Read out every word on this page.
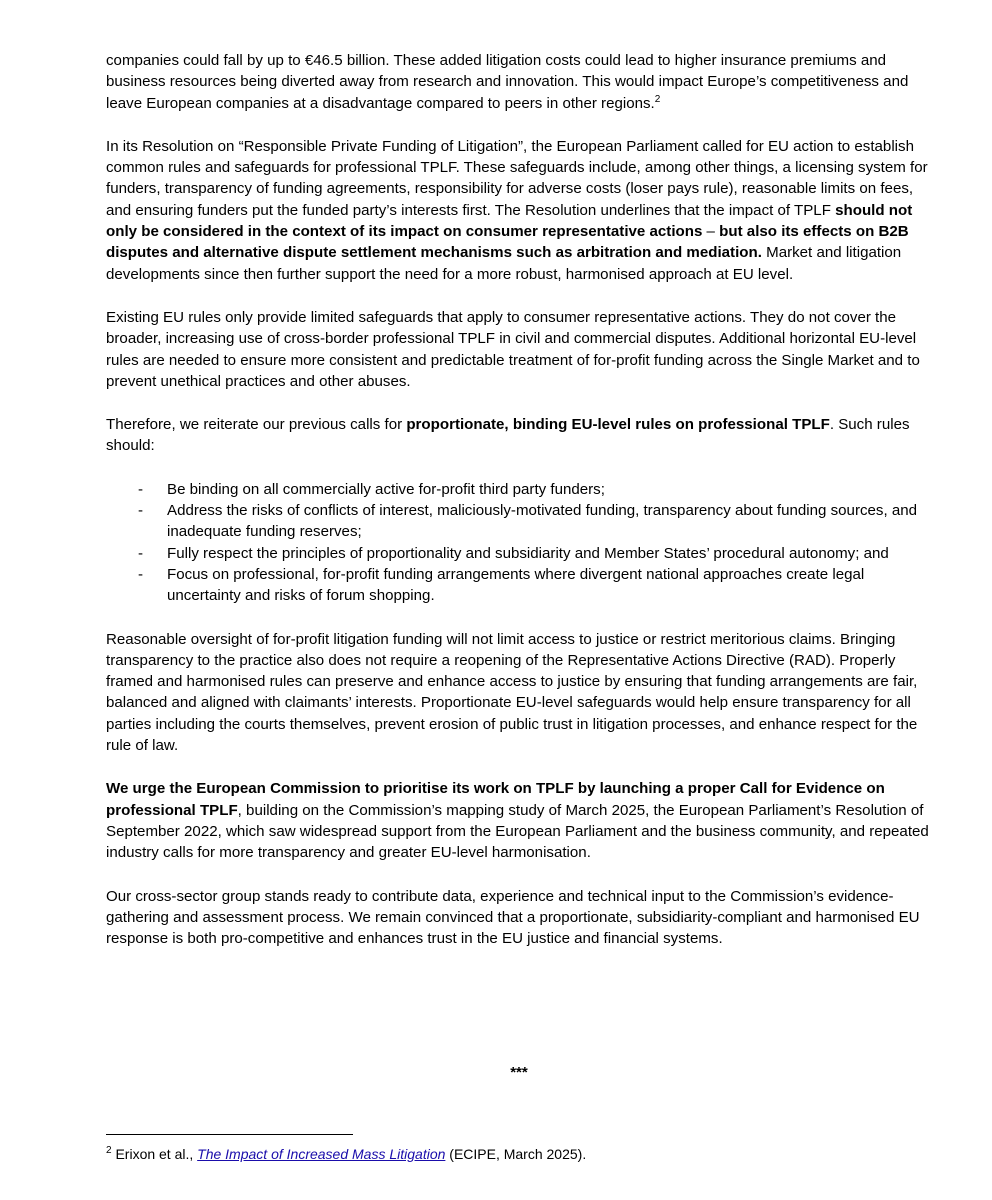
companies could fall by up to €46.5 billion. These added litigation costs could lead to higher insurance premiums and business resources being diverted away from research and innovation. This would impact Europe’s competitiveness and leave European companies at a disadvantage compared to peers in other regions.$^2$

In its Resolution on “Responsible Private Funding of Litigation”, the European Parliament called for EU action to establish common rules and safeguards for professional TPLF. These safeguards include, among other things, a licensing system for funders, transparency of funding agreements, responsibility for adverse costs (loser pays rule), reasonable limits on fees, and ensuring funders put the funded party’s interests first. The Resolution underlines that the impact of TPLF should not only be considered in the context of its impact on consumer representative actions – but also its effects on B2B disputes and alternative dispute settlement mechanisms such as arbitration and mediation. Market and litigation developments since then further support the need for a more robust, harmonised approach at EU level.

Existing EU rules only provide limited safeguards that apply to consumer representative actions. They do not cover the broader, increasing use of cross-border professional TPLF in civil and commercial disputes. Additional horizontal EU-level rules are needed to ensure more consistent and predictable treatment of for-profit funding across the Single Market and to prevent unethical practices and other abuses.

Therefore, we reiterate our previous calls for proportionate, binding EU-level rules on professional TPLF. Such rules should:

- Be binding on all commercially active for-profit third party funders;
- Address the risks of conflicts of interest, maliciously-motivated funding, transparency about funding sources, and inadequate funding reserves;
- Fully respect the principles of proportionality and subsidiarity and Member States’ procedural autonomy; and
- Focus on professional, for-profit funding arrangements where divergent national approaches create legal uncertainty and risks of forum shopping.

Reasonable oversight of for-profit litigation funding will not limit access to justice or restrict meritorious claims. Bringing transparency to the practice also does not require a reopening of the Representative Actions Directive (RAD). Properly framed and harmonised rules can preserve and enhance access to justice by ensuring that funding arrangements are fair, balanced and aligned with claimants’ interests. Proportionate EU-level safeguards would help ensure transparency for all parties including the courts themselves, prevent erosion of public trust in litigation processes, and enhance respect for the rule of law.

We urge the European Commission to prioritise its work on TPLF by launching a proper Call for Evidence on professional TPLF, building on the Commission’s mapping study of March 2025, the European Parliament’s Resolution of September 2022, which saw widespread support from the European Parliament and the business community, and repeated industry calls for more transparency and greater EU-level harmonisation.

Our cross-sector group stands ready to contribute data, experience and technical input to the Commission’s evidence-gathering and assessment process. We remain convinced that a proportionate, subsidiarity-compliant and harmonised EU response is both pro-competitive and enhances trust in the EU justice and financial systems.

***
$^2$ Erixon et al., The Impact of Increased Mass Litigation (ECIPE, March 2025).
